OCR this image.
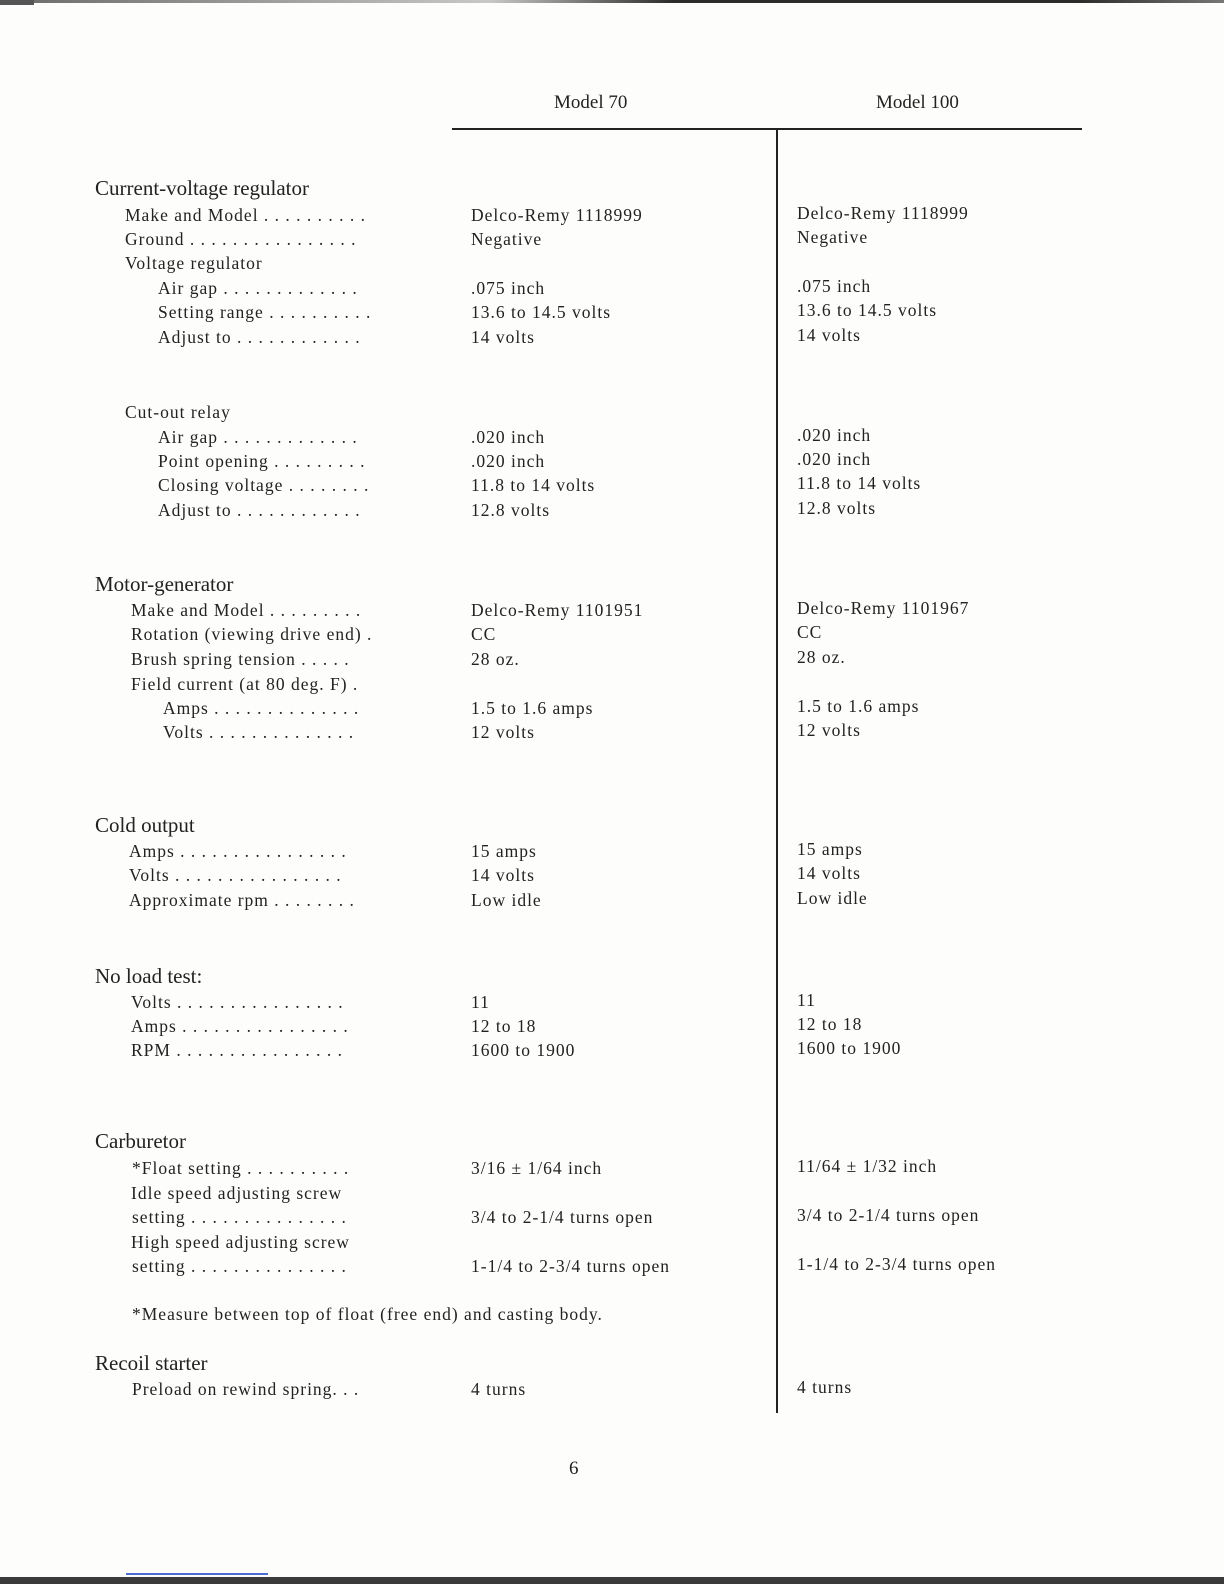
Model 70	Model 100
Current-voltage regulator
Make and Model . . . . . . . . . .	Delco-Remy 1118999	Delco-Remy 1118999
Ground . . . . . . . . . . . . . . . .	Negative	Negative
Voltage regulator
Air gap . . . . . . . . . . . . .	.075 inch	.075 inch
Setting range . . . . . . . . . .	13.6 to 14.5 volts	13.6 to 14.5 volts
Adjust to . . . . . . . . . . . .	14 volts	14 volts
Cut-out relay
Air gap . . . . . . . . . . . . .	.020 inch	.020 inch
Point opening . . . . . . . . .	.020 inch	.020 inch
Closing voltage . . . . . . . .	11.8 to 14 volts	11.8 to 14 volts
Adjust to . . . . . . . . . . . .	12.8 volts	12.8 volts
Motor-generator
Make and Model . . . . . . . . .	Delco-Remy 1101951	Delco-Remy 1101967
Rotation (viewing drive end) .	CC	CC
Brush spring tension . . . . .	28 oz.	28 oz.
Field current (at 80 deg. F) .
Amps . . . . . . . . . . . . . .	1.5 to 1.6 amps	1.5 to 1.6 amps
Volts . . . . . . . . . . . . . .	12 volts	12 volts
Cold output
Amps . . . . . . . . . . . . . . . .	15 amps	15 amps
Volts . . . . . . . . . . . . . . . .	14 volts	14 volts
Approximate rpm . . . . . . . .	Low idle	Low idle
No load test:
Volts . . . . . . . . . . . . . . . .	11	11
Amps . . . . . . . . . . . . . . . .	12 to 18	12 to 18
RPM . . . . . . . . . . . . . . . .	1600 to 1900	1600 to 1900
Carburetor
*Float setting . . . . . . . . . .	3/16 ± 1/64 inch	11/64 ± 1/32 inch
Idle speed adjusting screw
setting . . . . . . . . . . . . . . .	3/4 to 2-1/4 turns open	3/4 to 2-1/4 turns open
High speed adjusting screw
setting . . . . . . . . . . . . . . .	1-1/4 to 2-3/4 turns open	1-1/4 to 2-3/4 turns open
*Measure between top of float (free end) and casting body.
Recoil starter
Preload on rewind spring. . .	4 turns	4 turns
6
